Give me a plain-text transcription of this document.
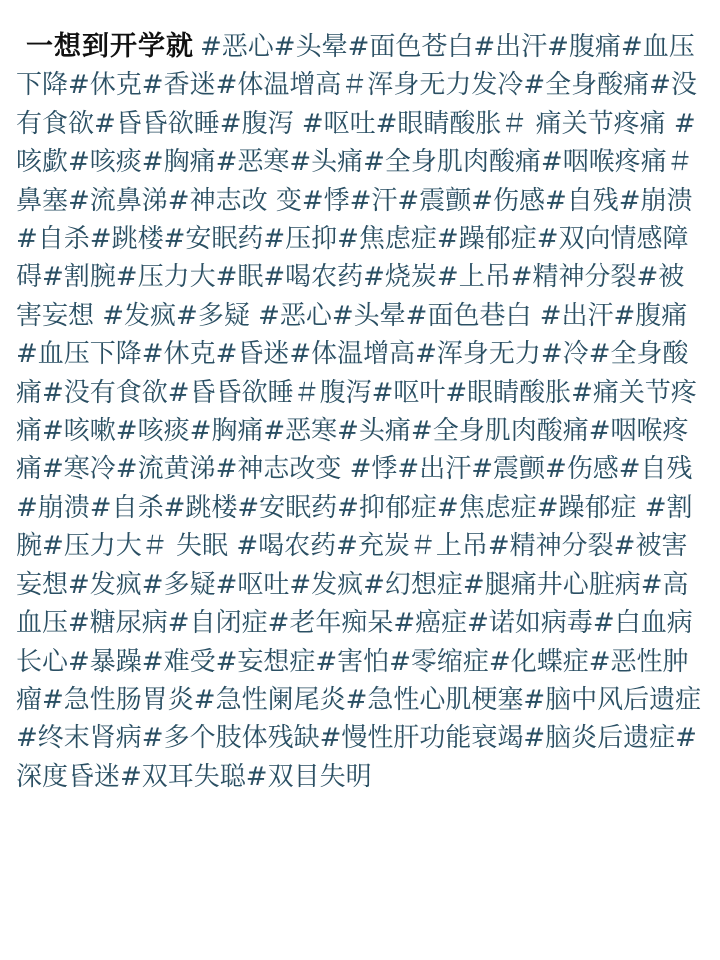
一想到开学就 #恶心#头晕#面色苍白#出汗#腹痛#血压下降#休克#香迷#体温增高＃浑身无力发冷#全身酸痛#没有食欲#昏昏欲睡#腹泻 #呕吐#眼睛酸胀＃ 痛关节疼痛 #咳歔#咳痰#胸痛#恶寒#头痛#全身肌肉酸痛#咽喉疼痛＃鼻塞#流鼻涕#神志改 变#悸#汗#震颤#伤感#自残#崩溃#自杀#跳楼#安眠药#压抑#焦虑症#躁郁症#双向情感障碍#割腕#压力大#眠#喝农药#烧炭#上吊#精神分裂#被害妄想 #发疯#多疑 #恶心#头晕#面色巷白 #出汗#腹痛#血压下降#休克#昏迷#体温增高#浑身无力#冷#全身酸痛#没有食欲#昏昏欲睡＃腹泻#呕叶#眼睛酸胀#痛关节疼痛#咳嗽#咳痰#胸痛#恶寒#头痛#全身肌肉酸痛#咽喉疼痛#寒冷#流黄涕#神志改变 #悸#出汗#震颤#伤感#自残#崩溃#自杀#跳楼#安眠药#抑郁症#焦虑症#躁郁症 #割腕#压力大＃ 失眠 #喝农药#充炭＃上吊#精神分裂#被害妄想#发疯#多疑#呕吐#发疯#幻想症#腿痛井心脏病#高血压#糖尿病#自闭症#老年痴呆#癌症#诺如病毒#白血病长心#暴躁#难受#妄想症#害怕#零缩症#化蝶症#恶性肿瘤#急性肠胃炎#急性阑尾炎#急性心肌梗塞#脑中风后遗症#终末肾病#多个肢体残缺#慢性肝功能衰竭#脑炎后遗症#深度昏迷#双耳失聪#双目失明
